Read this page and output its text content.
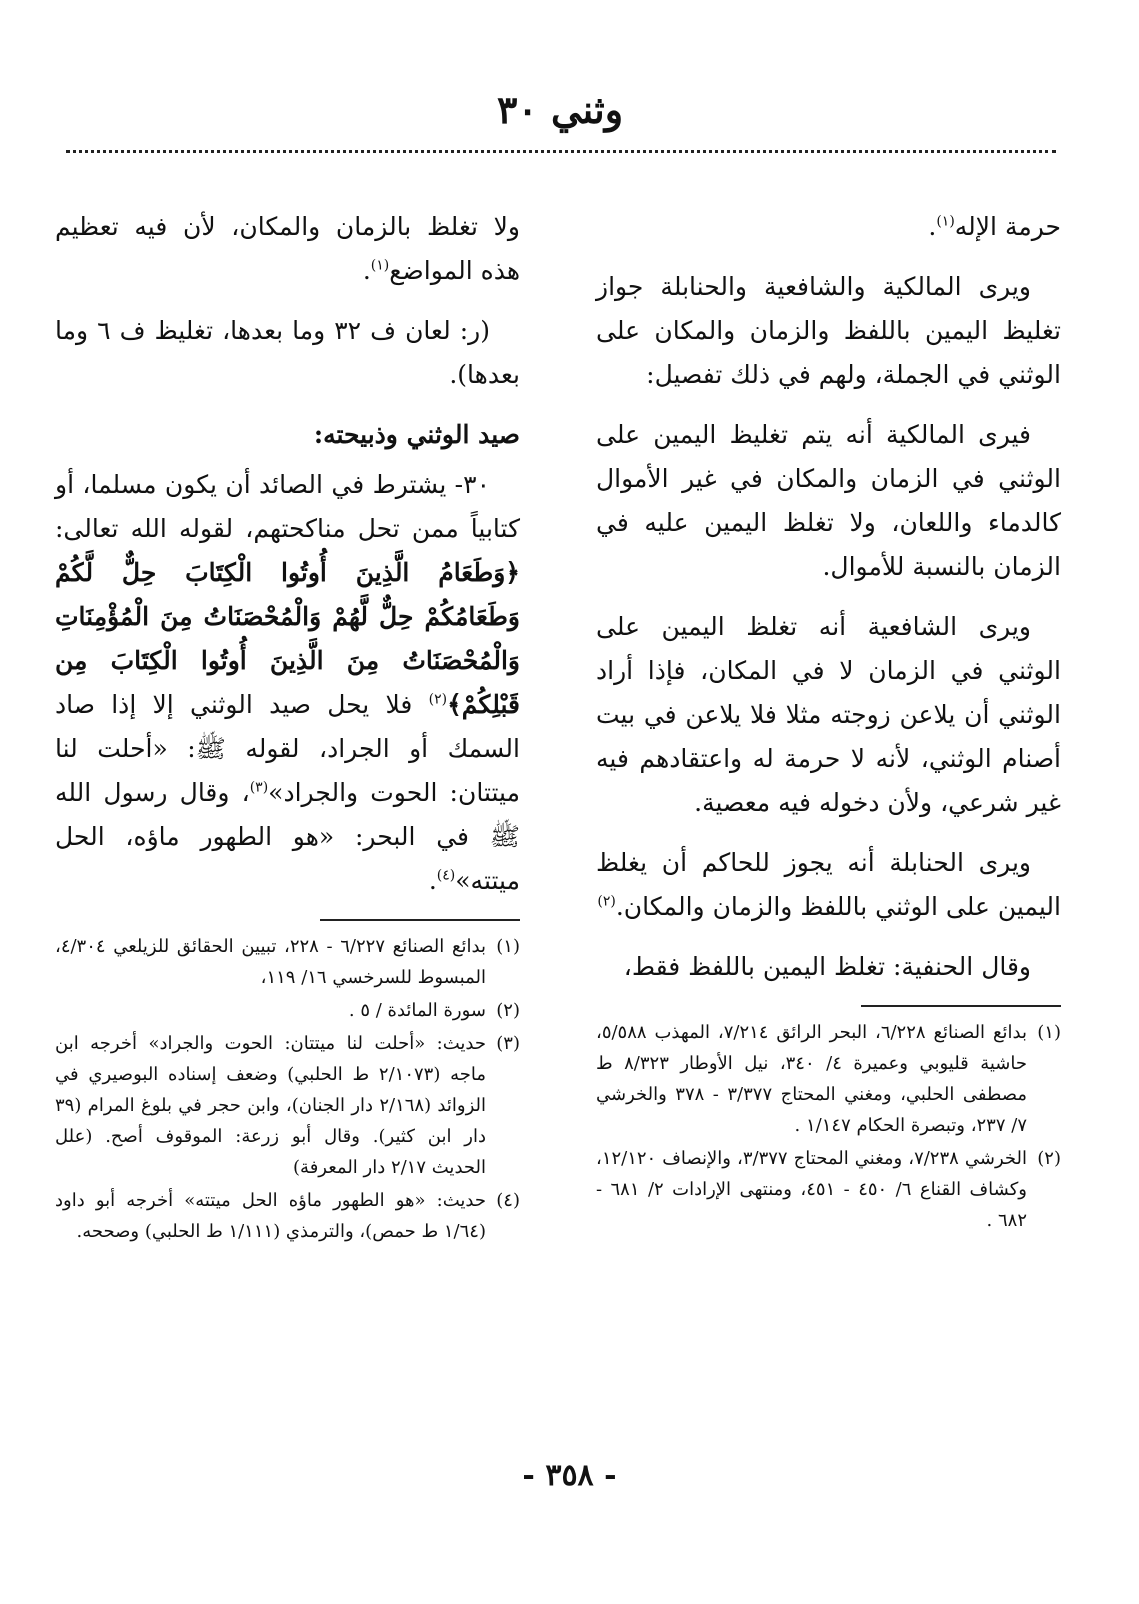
وثني ٣٠

حرمة الإله$^{(١)}$.

ويرى المالكية والشافعية والحنابلة جواز تغليظ اليمين باللفظ والزمان والمكان على الوثني في الجملة، ولهم في ذلك تفصيل:

فيرى المالكية أنه يتم تغليظ اليمين على الوثني في الزمان والمكان في غير الأموال كالدماء واللعان، ولا تغلظ اليمين عليه في الزمان بالنسبة للأموال.

ويرى الشافعية أنه تغلظ اليمين على الوثني في الزمان لا في المكان، فإذا أراد الوثني أن يلاعن زوجته مثلا فلا يلاعن في بيت أصنام الوثني، لأنه لا حرمة له واعتقادهم فيه غير شرعي، ولأن دخوله فيه معصية.

ويرى الحنابلة أنه يجوز للحاكم أن يغلظ اليمين على الوثني باللفظ والزمان والمكان.$^{(٢)}$

وقال الحنفية: تغلظ اليمين باللفظ فقط،

(١)
بدائع الصنائع ٦/٢٢٨، البحر الرائق ٧/٢١٤، المهذب ٥/٥٨٨، حاشية قليوبي وعميرة ٤/ ٣٤٠، نيل الأوطار ٨/٣٢٣ ط مصطفى الحلبي، ومغني المحتاج ٣/٣٧٧ - ٣٧٨ والخرشي ٧/ ٢٣٧، وتبصرة الحكام ١/١٤٧ .
(٢)
الخرشي ٧/٢٣٨، ومغني المحتاج ٣/٣٧٧، والإنصاف ١٢/١٢٠، وكشاف القناع ٦/ ٤٥٠ - ٤٥١، ومنتهى الإرادات ٢/ ٦٨١ - ٦٨٢ .

ولا تغلظ بالزمان والمكان، لأن فيه تعظيم هذه المواضع$^{(١)}$.

(ر: لعان ف ٣٢ وما بعدها، تغليظ ف ٦ وما بعدها).

صيد الوثني وذبيحته:

٣٠- يشترط في الصائد أن يكون مسلما، أو كتابياً ممن تحل مناكحتهم، لقوله الله تعالى: ﴿وَطَعَامُ الَّذِينَ أُوتُوا الْكِتَابَ حِلٌّ لَّكُمْ وَطَعَامُكُمْ حِلٌّ لَّهُمْ وَالْمُحْصَنَاتُ مِنَ الْمُؤْمِنَاتِ وَالْمُحْصَنَاتُ مِنَ الَّذِينَ أُوتُوا الْكِتَابَ مِن قَبْلِكُمْ﴾$^{(٢)}$ فلا يحل صيد الوثني إلا إذا صاد السمك أو الجراد، لقوله ﷺ: «أحلت لنا ميتتان: الحوت والجراد»$^{(٣)}$، وقال رسول الله ﷺ في البحر: «هو الطهور ماؤه، الحل ميتته»$^{(٤)}$.

(١)
بدائع الصنائع ٦/٢٢٧ - ٢٢٨، تبيين الحقائق للزيلعي ٤/٣٠٤، المبسوط للسرخسي ١٦/ ١١٩،
(٢)
سورة المائدة / ٥ .
(٣)
حديث: «أحلت لنا ميتتان: الحوت والجراد» أخرجه ابن ماجه (٢/١٠٧٣ ط الحلبي) وضعف إسناده البوصيري في الزوائد (٢/١٦٨ دار الجنان)، وابن حجر في بلوغ المرام (٣٩ دار ابن كثير). وقال أبو زرعة: الموقوف أصح. (علل الحديث ٢/١٧ دار المعرفة)
(٤)
حديث: «هو الطهور ماؤه الحل ميتته» أخرجه أبو داود (١/٦٤ ط حمص)، والترمذي (١/١١١ ط الحلبي) وصححه.
- ٣٥٨ -
